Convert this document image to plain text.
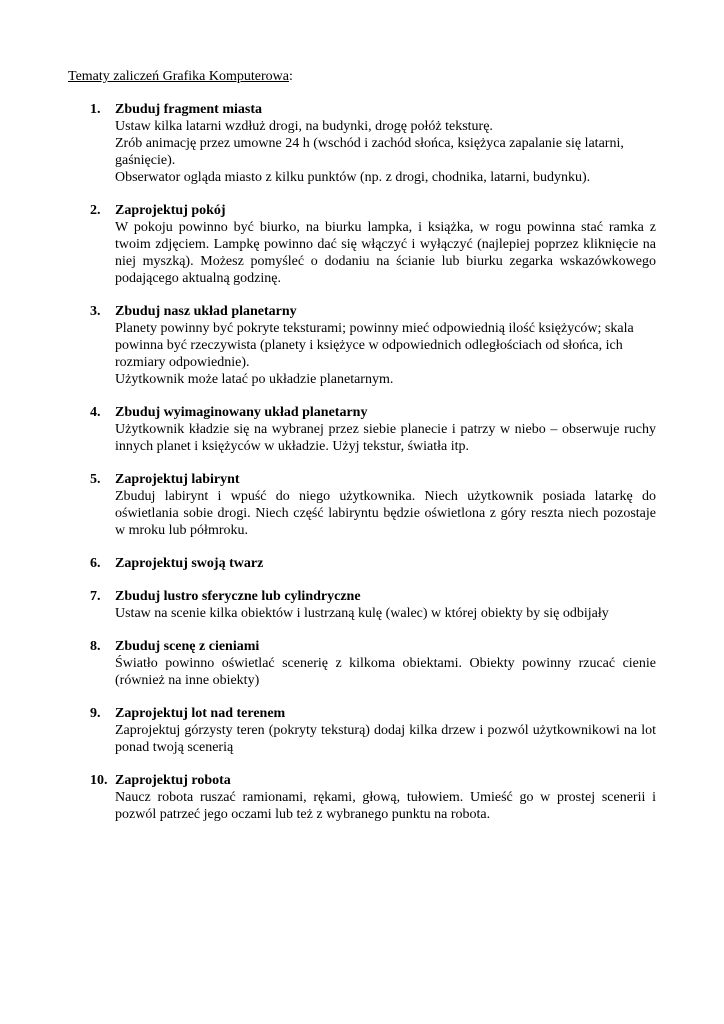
Tematy zaliczeń Grafika Komputerowa:
1. Zbuduj fragment miasta

Ustaw kilka latarni wzdłuż drogi, na budynki, drogę połóż teksturę.

Zrób animację przez umowne 24 h (wschód i zachód słońca, księżyca zapalanie się latarni, gaśnięcie).

Obserwator ogląda miasto z kilku punktów (np. z drogi, chodnika, latarni, budynku).

2. Zaprojektuj pokój

W pokoju powinno być biurko, na biurku lampka, i książka, w rogu powinna stać ramka z twoim zdjęciem. Lampkę powinno dać się włączyć i wyłączyć (najlepiej poprzez kliknięcie na niej myszką). Możesz pomyśleć o dodaniu na ścianie lub biurku zegarka wskazówkowego podającego aktualną godzinę.

3. Zbuduj nasz układ planetarny

Planety powinny być pokryte teksturami; powinny mieć odpowiednią ilość księżyców; skala powinna być rzeczywista (planety i księżyce w odpowiednich odległościach od słońca, ich rozmiary odpowiednie).

Użytkownik może latać po układzie planetarnym.

4. Zbuduj wyimaginowany układ planetarny

Użytkownik kładzie się na wybranej przez siebie planecie i patrzy w niebo – obserwuje ruchy innych planet i księżyców w układzie. Użyj tekstur, światła itp.

5. Zaprojektuj labirynt

Zbuduj labirynt i wpuść do niego użytkownika. Niech użytkownik posiada latarkę do oświetlania sobie drogi. Niech część labiryntu będzie oświetlona z góry reszta niech pozostaje w mroku lub półmroku.

6. Zaprojektuj swoją twarz
7. Zbuduj lustro sferyczne lub cylindryczne

Ustaw na scenie kilka obiektów i lustrzaną kulę (walec) w której obiekty by się odbijały

8. Zbuduj scenę z cieniami

Światło powinno oświetlać scenerię z kilkoma obiektami. Obiekty powinny rzucać cienie (również na inne obiekty)

9. Zaprojektuj lot nad terenem

Zaprojektuj górzysty teren (pokryty teksturą) dodaj kilka drzew i pozwól użytkownikowi na lot ponad twoją scenerią

10. Zaprojektuj robota

Naucz robota ruszać ramionami, rękami, głową, tułowiem. Umieść go w prostej scenerii i pozwól patrzeć jego oczami lub też z wybranego punktu na robota.
